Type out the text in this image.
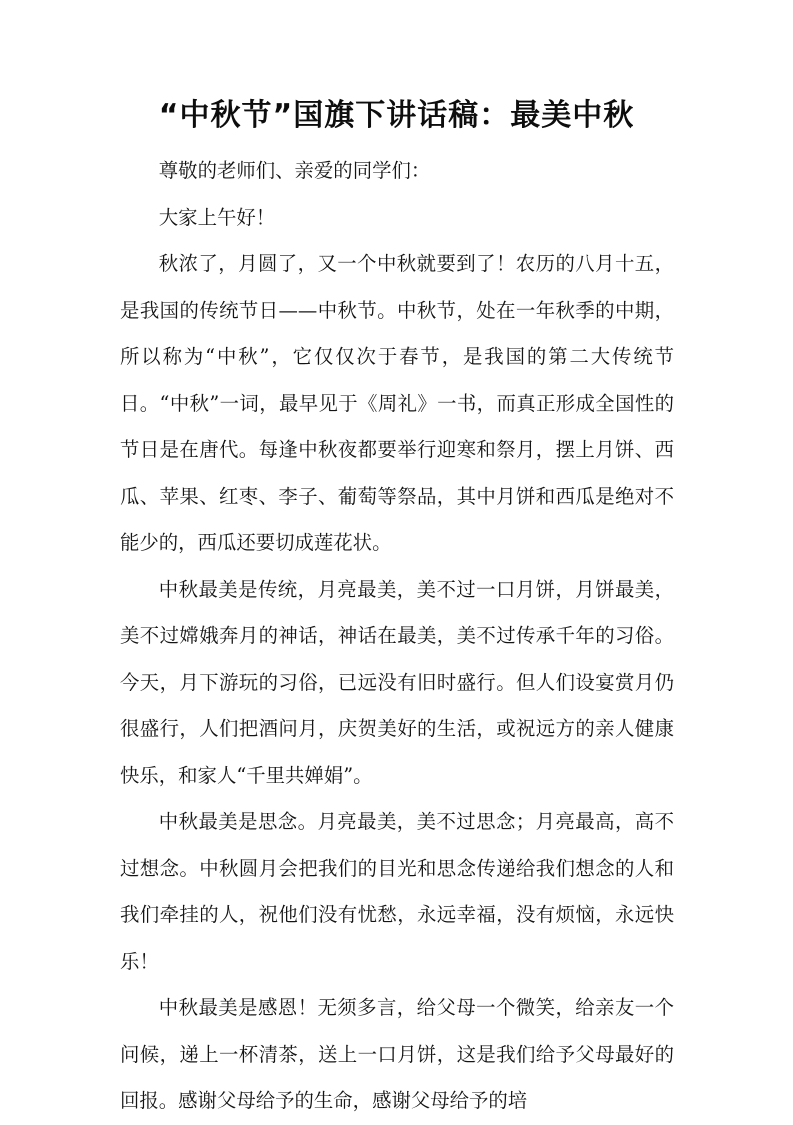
“中秋节”国旗下讲话稿：最美中秋

尊敬的老师们、亲爱的同学们：

大家上午好！

秋浓了，月圆了，又一个中秋就要到了！农历的八月十五，是我国的传统节日——中秋节。中秋节，处在一年秋季的中期，所以称为“中秋”，它仅仅次于春节，是我国的第二大传统节日。“中秋”一词，最早见于《周礼》一书，而真正形成全国性的节日是在唐代。每逢中秋夜都要举行迎寒和祭月，摆上月饼、西瓜、苹果、红枣、李子、葡萄等祭品，其中月饼和西瓜是绝对不能少的，西瓜还要切成莲花状。

中秋最美是传统，月亮最美，美不过一口月饼，月饼最美，美不过嫦娥奔月的神话，神话在最美，美不过传承千年的习俗。今天，月下游玩的习俗，已远没有旧时盛行。但人们设宴赏月仍很盛行，人们把酒问月，庆贺美好的生活，或祝远方的亲人健康快乐，和家人“千里共婵娟”。

中秋最美是思念。月亮最美，美不过思念；月亮最高，高不过想念。中秋圆月会把我们的目光和思念传递给我们想念的人和我们牵挂的人，祝他们没有忧愁，永远幸福，没有烦恼，永远快乐！

中秋最美是感恩！无须多言，给父母一个微笑，给亲友一个问候，递上一杯清茶，送上一口月饼，这是我们给予父母最好的回报。感谢父母给予的生命，感谢父母给予的培
